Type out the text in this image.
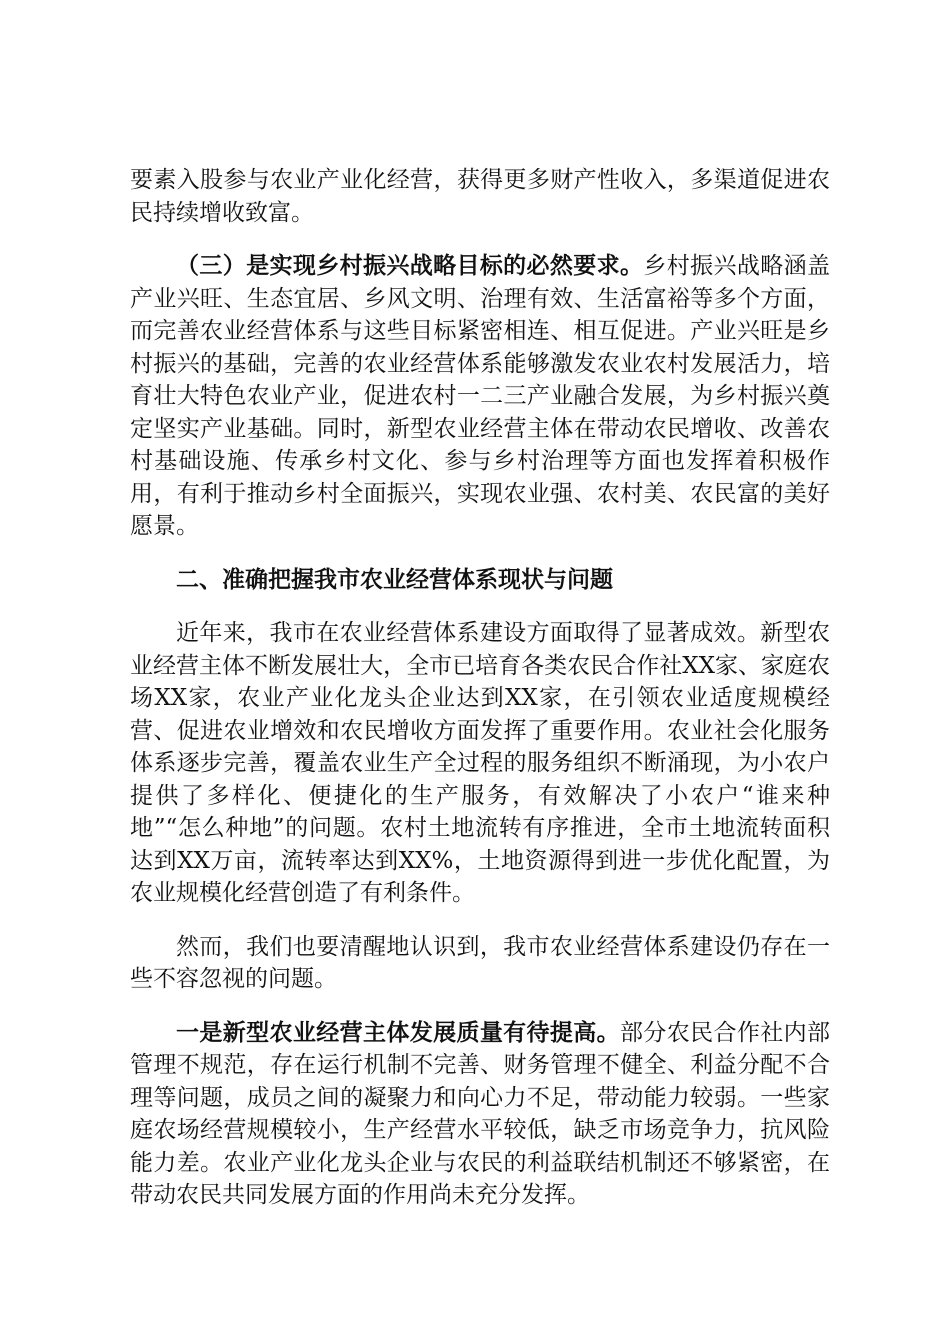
要素入股参与农业产业化经营，获得更多财产性收入，多渠道促进农民持续增收致富。

（三）是实现乡村振兴战略目标的必然要求。乡村振兴战略涵盖产业兴旺、生态宜居、乡风文明、治理有效、生活富裕等多个方面，而完善农业经营体系与这些目标紧密相连、相互促进。产业兴旺是乡村振兴的基础，完善的农业经营体系能够激发农业农村发展活力，培育壮大特色农业产业，促进农村一二三产业融合发展，为乡村振兴奠定坚实产业基础。同时，新型农业经营主体在带动农民增收、改善农村基础设施、传承乡村文化、参与乡村治理等方面也发挥着积极作用，有利于推动乡村全面振兴，实现农业强、农村美、农民富的美好愿景。

二、准确把握我市农业经营体系现状与问题

近年来，我市在农业经营体系建设方面取得了显著成效。新型农业经营主体不断发展壮大，全市已培育各类农民合作社XX家、家庭农场XX家，农业产业化龙头企业达到XX家，在引领农业适度规模经营、促进农业增效和农民增收方面发挥了重要作用。农业社会化服务体系逐步完善，覆盖农业生产全过程的服务组织不断涌现，为小农户提供了多样化、便捷化的生产服务，有效解决了小农户“谁来种地”“怎么种地”的问题。农村土地流转有序推进，全市土地流转面积达到XX万亩，流转率达到XX%，土地资源得到进一步优化配置，为农业规模化经营创造了有利条件。

然而，我们也要清醒地认识到，我市农业经营体系建设仍存在一些不容忽视的问题。

一是新型农业经营主体发展质量有待提高。部分农民合作社内部管理不规范，存在运行机制不完善、财务管理不健全、利益分配不合理等问题，成员之间的凝聚力和向心力不足，带动能力较弱。一些家庭农场经营规模较小，生产经营水平较低，缺乏市场竞争力，抗风险能力差。农业产业化龙头企业与农民的利益联结机制还不够紧密，在带动农民共同发展方面的作用尚未充分发挥。
